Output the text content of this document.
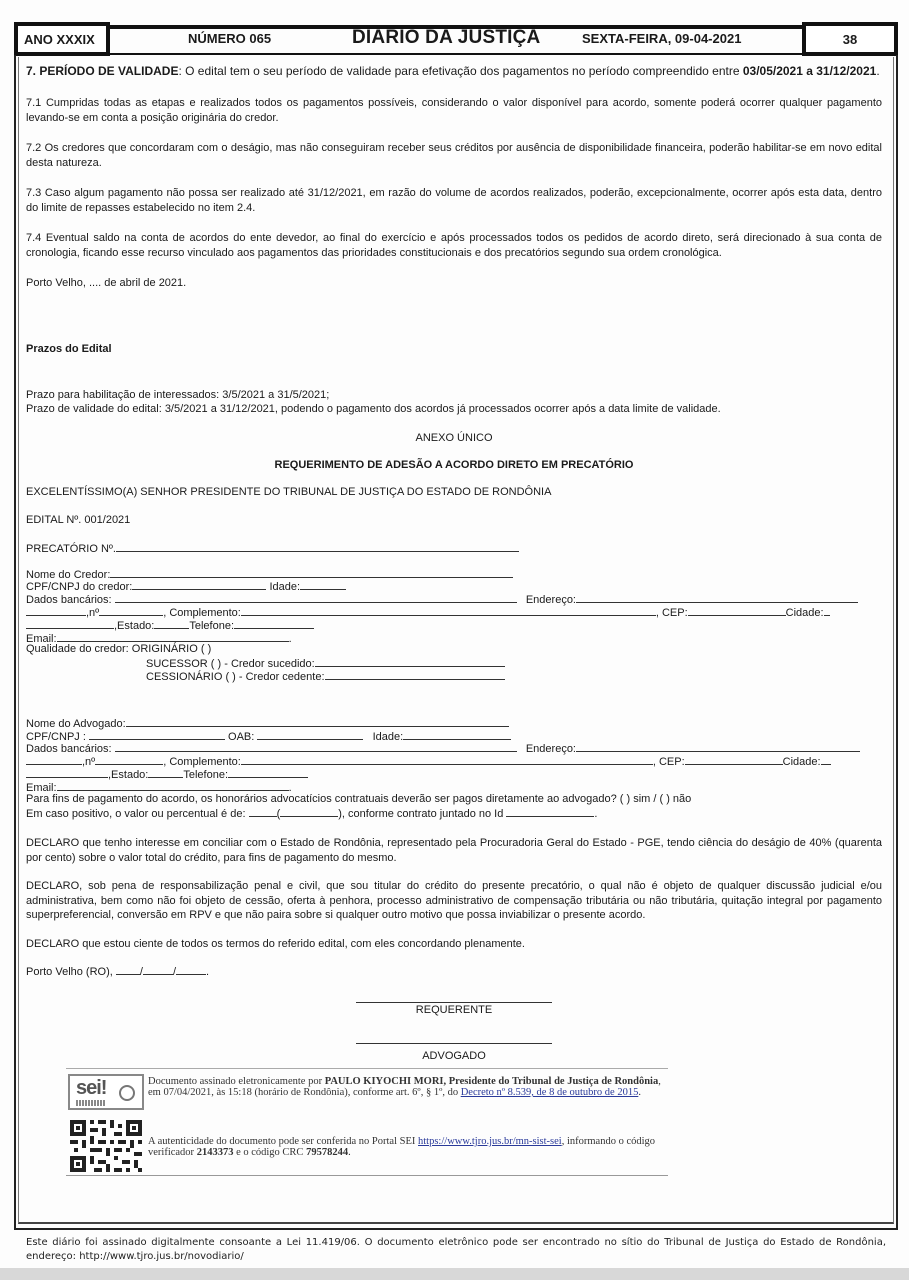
ANO XXXIX	NÚMERO 065	DIARIO DA JUSTIÇA	SEXTA-FEIRA, 09-04-2021	38

7. PERÍODO DE VALIDADE: O edital tem o seu período de validade para efetivação dos pagamentos no período compreendido entre 03/05/2021 a 31/12/2021.

7.1 Cumpridas todas as etapas e realizados todos os pagamentos possíveis, considerando o valor disponível para acordo, somente poderá ocorrer qualquer pagamento levando-se em conta a posição originária do credor.

7.2 Os credores que concordaram com o deságio, mas não conseguiram receber seus créditos por ausência de disponibilidade financeira, poderão habilitar-se em novo edital desta natureza.

7.3 Caso algum pagamento não possa ser realizado até 31/12/2021, em razão do volume de acordos realizados, poderão, excepcionalmente, ocorrer após esta data, dentro do limite de repasses estabelecido no item 2.4.

7.4 Eventual saldo na conta de acordos do ente devedor, ao final do exercício e após processados todos os pedidos de acordo direto, será direcionado à sua conta de cronologia, ficando esse recurso vinculado aos pagamentos das prioridades constitucionais e dos precatórios segundo sua ordem cronológica.

Porto Velho, .... de abril de 2021.

Prazos do Edital
Prazo para habilitação de interessados: 3/5/2021 a 31/5/2021;
Prazo de validade do edital: 3/5/2021 a 31/12/2021, podendo o pagamento dos acordos já processados ocorrer após a data limite de validade.
ANEXO ÚNICO
REQUERIMENTO DE ADESÃO A ACORDO DIRETO EM PRECATÓRIO
EXCELENTÍSSIMO(A) SENHOR PRESIDENTE DO TRIBUNAL DE JUSTIÇA DO ESTADO DE RONDÔNIA
EDITAL Nº. 001/2021
PRECATÓRIO Nº.
Nome do Credor:
CPF/CNPJ do credor:	Idade:
Dados bancários:	Endereço:
,nº	, Complemento:	, CEP:	Cidade:
,Estado:	Telefone:
Email:	.
Qualidade do credor: ORIGINÁRIO ( )
SUCESSOR ( ) - Credor sucedido:
CESSIONÁRIO ( ) - Credor cedente:
Nome do Advogado:
CPF/CNPJ :	OAB:	Idade:
Dados bancários:	Endereço:
,nº	, Complemento:	, CEP:	Cidade:
,Estado:	Telefone:
Email:	.
Para fins de pagamento do acordo, os honorários advocatícios contratuais deverão ser pagos diretamente ao advogado? ( ) sim / ( ) não
Em caso positivo, o valor ou percentual é de:	(	), conforme contrato juntado no Id	.

DECLARO que tenho interesse em conciliar com o Estado de Rondônia, representado pela Procuradoria Geral do Estado - PGE, tendo ciência do deságio de 40% (quarenta por cento) sobre o valor total do crédito, para fins de pagamento do mesmo.

DECLARO, sob pena de responsabilização penal e civil, que sou titular do crédito do presente precatório, o qual não é objeto de qualquer discussão judicial e/ou administrativa, bem como não foi objeto de cessão, oferta à penhora, processo administrativo de compensação tributária ou não tributária, quitação integral por pagamento superpreferencial, conversão em RPV e que não paira sobre si qualquer outro motivo que possa inviabilizar o presente acordo.

DECLARO que estou ciente de todos os termos do referido edital, com eles concordando plenamente.

Porto Velho (RO), /	/	.
REQUERENTE
ADVOGADO
sei!	Documento assinado eletronicamente por PAULO KIYOCHI MORI, Presidente do Tribunal de Justiça de Rondônia, em 07/04/2021, às 15:18 (horário de Rondônia), conforme art. 6º, § 1º, do Decreto nº 8.539, de 8 de outubro de 2015.
A autenticidade do documento pode ser conferida no Portal SEI https://www.tjro.jus.br/mn-sist-sei, informando o código verificador 2143373 e o código CRC 79578244.
Este diário foi assinado digitalmente consoante a Lei 11.419/06. O documento eletrônico pode ser encontrado no sítio do Tribunal de Justiça do Estado de Rondônia, endereço: http://www.tjro.jus.br/novodiario/
